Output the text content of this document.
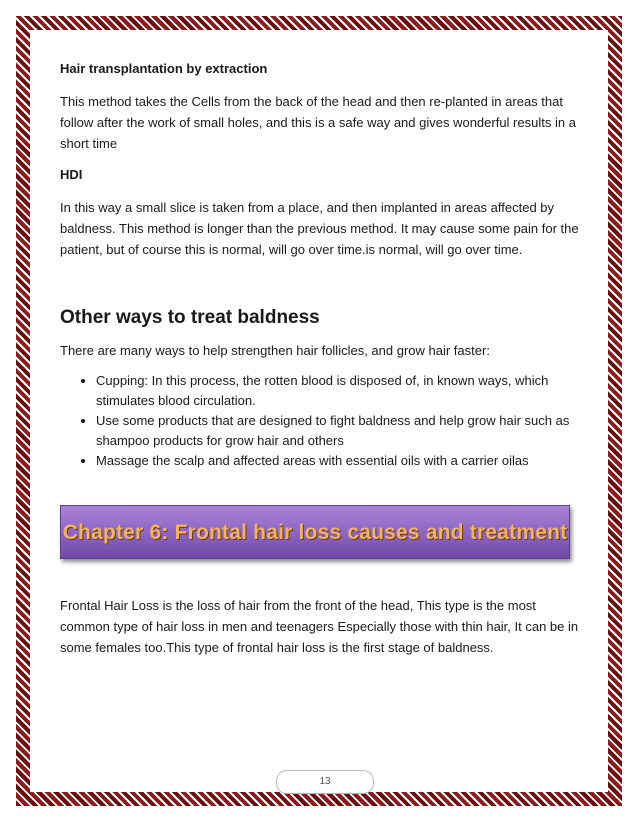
Hair transplantation by extraction

This method takes the Cells from the back of the head and then re-planted in areas that follow after the work of small holes, and this is a safe way and gives wonderful results in a short time

HDI

In this way a small slice is taken from a place, and then implanted in areas affected by baldness. This method is longer than the previous method. It may cause some pain for the patient, but of course this is normal, will go over time.is normal, will go over time.

Other ways to treat baldness

There are many ways to help strengthen hair follicles, and grow hair faster:

• Cupping: In this process, the rotten blood is disposed of, in known ways, which stimulates blood circulation.
• Use some products that are designed to fight baldness and help grow hair such as shampoo products for grow hair and others
• Massage the scalp and affected areas with essential oils with a carrier oilas
Chapter 6: Frontal hair loss causes and treatment

Frontal Hair Loss is the loss of hair from the front of the head, This type is the most common type of hair loss in men and teenagers Especially those with thin hair, It can be in some females too.This type of frontal hair loss is the first stage of baldness.

13
